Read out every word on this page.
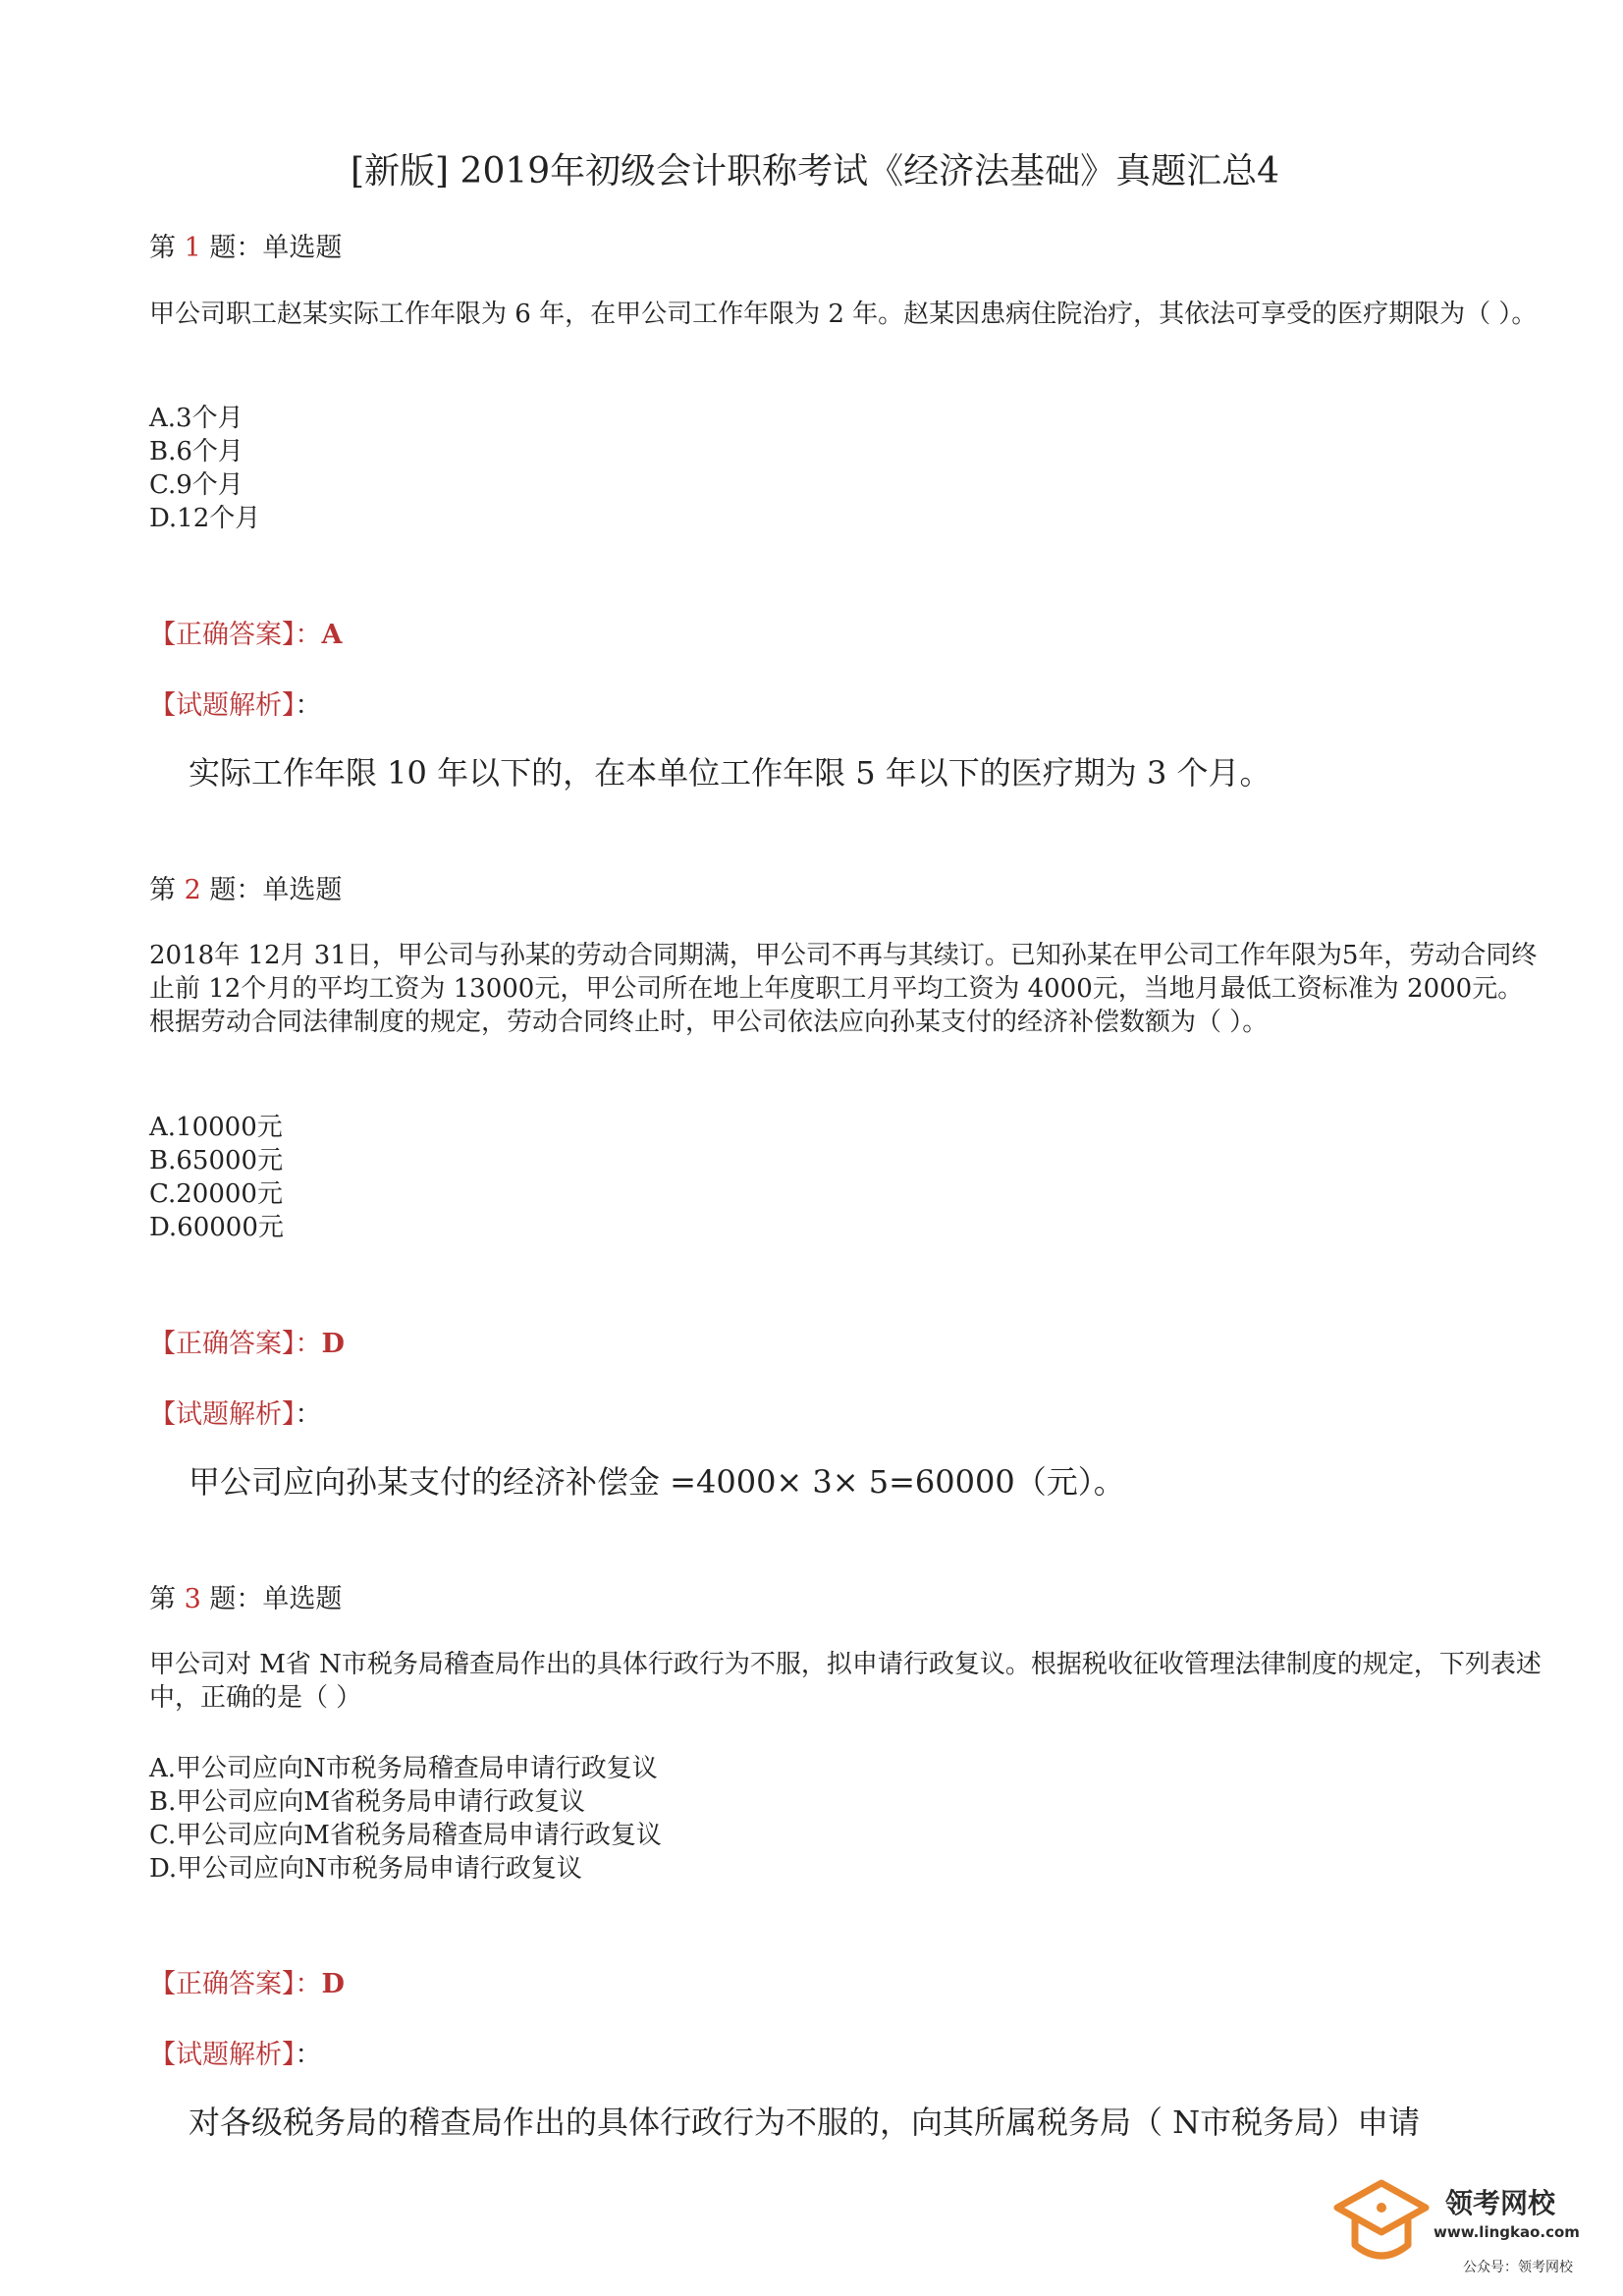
[新版] 2019年初级会计职称考试《经济法基础》真题汇总4
第 1 题：单选题
甲公司职工赵某实际工作年限为 6 年，在甲公司工作年限为 2 年。赵某因患病住院治疗，其依法可享受的医疗期限为（ ）。
A.3个月
B.6个月
C.9个月
D.12个月
【正确答案】：A
【试题解析】：
实际工作年限 10 年以下的，在本单位工作年限 5 年以下的医疗期为 3 个月。
第 2 题：单选题
2018年 12月 31日，甲公司与孙某的劳动合同期满，甲公司不再与其续订。已知孙某在甲公司工作年限为5年，劳动合同终止前 12个月的平均工资为 13000元，甲公司所在地上年度职工月平均工资为 4000元，当地月最低工资标准为 2000元。根据劳动合同法律制度的规定，劳动合同终止时，甲公司依法应向孙某支付的经济补偿数额为（ ）。
A.10000元
B.65000元
C.20000元
D.60000元
【正确答案】：D
【试题解析】：
甲公司应向孙某支付的经济补偿金 =4000× 3× 5=60000（元）。
第 3 题：单选题
甲公司对 M省 N市税务局稽查局作出的具体行政行为不服，拟申请行政复议。根据税收征收管理法律制度的规定，下列表述中，正确的是（ ）
A.甲公司应向N市税务局稽查局申请行政复议
B.甲公司应向M省税务局申请行政复议
C.甲公司应向M省税务局稽查局申请行政复议
D.甲公司应向N市税务局申请行政复议
【正确答案】：D
【试题解析】：
对各级税务局的稽查局作出的具体行政行为不服的，向其所属税务局（ N市税务局）申请
领考网校
www.lingkao.com
公众号：领考网校
